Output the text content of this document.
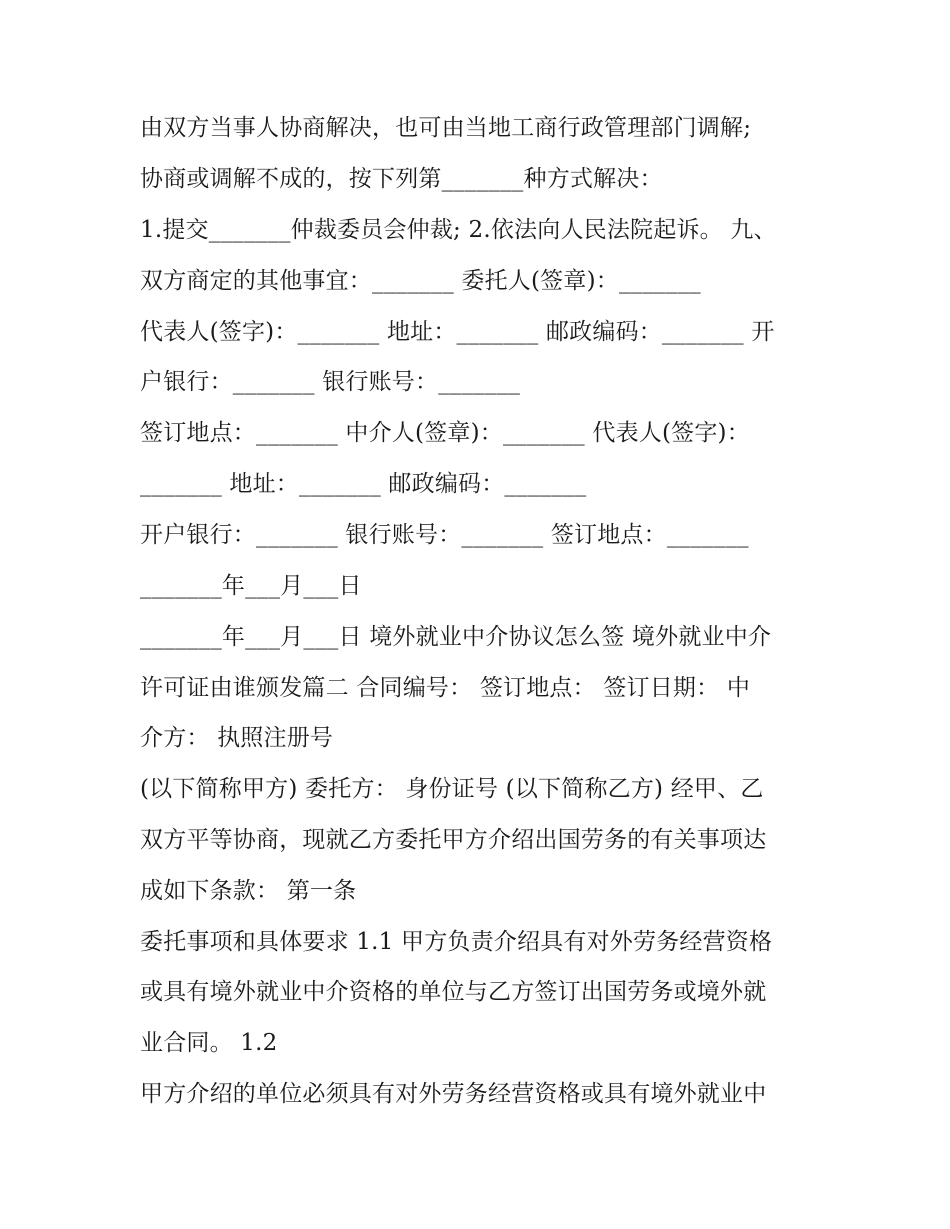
由双方当事人协商解决，也可由当地工商行政管理部门调解;
协商或调解不成的，按下列第_______种方式解决：
1.提交_______仲裁委员会仲裁; 2.依法向人民法院起诉。 九、
双方商定的其他事宜：_______ 委托人(签章)：_______
代表人(签字)：_______ 地址：_______ 邮政编码：_______ 开
户银行：_______ 银行账号：_______
签订地点：_______ 中介人(签章)：_______ 代表人(签字)：
_______ 地址：_______ 邮政编码：_______
开户银行：_______ 银行账号：_______ 签订地点：_______
_______年___月___日
_______年___月___日 境外就业中介协议怎么签 境外就业中介
许可证由谁颁发篇二 合同编号： 签订地点： 签订日期： 中
介方： 执照注册号
(以下简称甲方) 委托方： 身份证号 (以下简称乙方) 经甲、乙
双方平等协商，现就乙方委托甲方介绍出国劳务的有关事项达
成如下条款： 第一条
委托事项和具体要求 1.1 甲方负责介绍具有对外劳务经营资格
或具有境外就业中介资格的单位与乙方签订出国劳务或境外就
业合同。 1.2
甲方介绍的单位必须具有对外劳务经营资格或具有境外就业中
